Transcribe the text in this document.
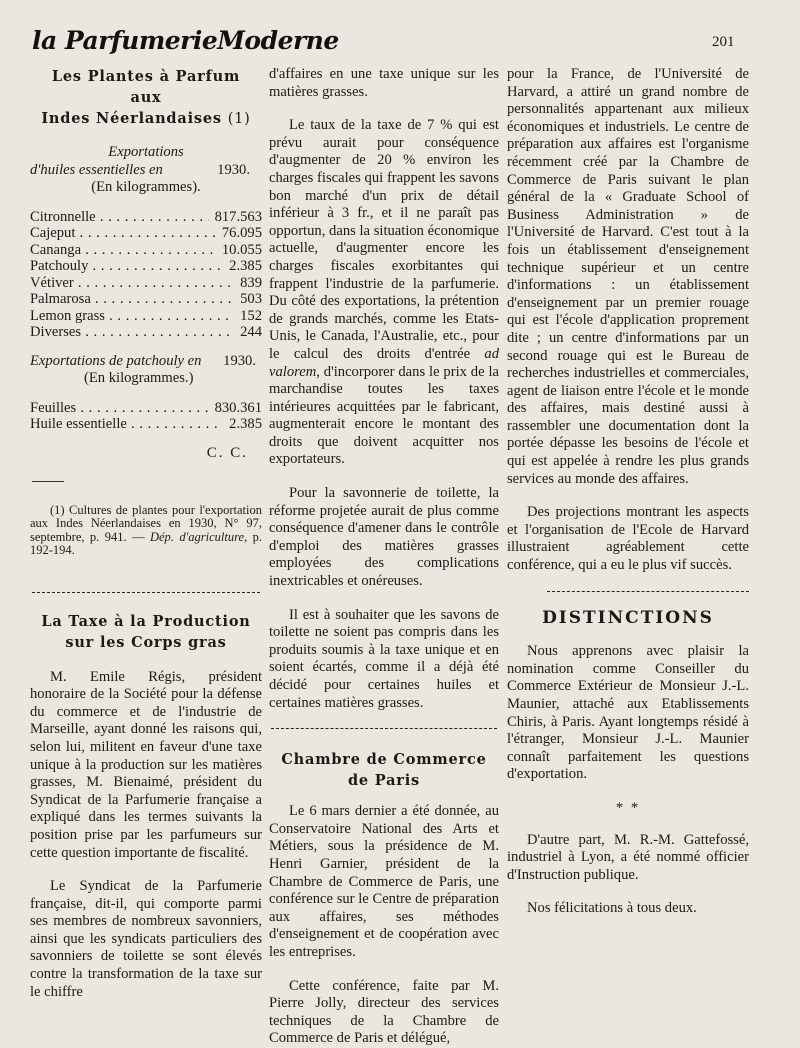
la ParfumerieModerne	201
Les Plantes à Parfum
aux
Indes Néerlandaises (1)
Exportations
d'huiles essentielles en	1930.
(En kilogrammes).
Citronnelle . . .	817.563
Cajeput . . .	76.095
Cananga . . .	10.055
Patchouly . . .	2.385
Vétiver . . .	839
Palmarosa . . .	503
Lemon grass . . .	152
Diverses . . .	244
Exportations de patchouly en 1930.
(En kilogrammes.)
Feuilles . . .	830.361
Huile essentielle . . .	2.385
C. C.

(1) Cultures de plantes pour l'exportation aux Indes Néerlandaises en 1930, N° 97, septembre, p. 941. — Dép. d'agriculture, p. 192-194.

La Taxe à la Production
sur les Corps gras

M. Emile Régis, président honoraire de la Société pour la défense du commerce et de l'industrie de Marseille, ayant donné les raisons qui, selon lui, militent en faveur d'une taxe unique à la production sur les matières grasses, M. Bienaimé, président du Syndicat de la Parfumerie française a expliqué dans les termes suivants la position prise par les parfumeurs sur cette question importante de fiscalité.

Le Syndicat de la Parfumerie française, dit-il, qui comporte parmi ses membres de nombreux savonniers, ainsi que les syndicats particuliers des savonniers de toilette se sont élevés contre la transformation de la taxe sur le chiffre

d'affaires en une taxe unique sur les matières grasses.

Le taux de la taxe de 7 % qui est prévu aurait pour conséquence d'augmenter de 20 % environ les charges fiscales qui frappent les savons bon marché d'un prix de détail inférieur à 3 fr., et il ne paraît pas opportun, dans la situation économique actuelle, d'augmenter encore les charges fiscales exorbitantes qui frappent l'industrie de la parfumerie. Du côté des exportations, la prétention de grands marchés, comme les Etats-Unis, le Canada, l'Australie, etc., pour le calcul des droits d'entrée ad valorem, d'incorporer dans le prix de la marchandise toutes les taxes intérieures acquittées par le fabricant, augmenterait encore le montant des droits que doivent acquitter nos exportateurs.

Pour la savonnerie de toilette, la réforme projetée aurait de plus comme conséquence d'amener dans le contrôle d'emploi des matières grasses employées des complications inextricables et onéreuses.

Il est à souhaiter que les savons de toilette ne soient pas compris dans les produits soumis à la taxe unique et en soient écartés, comme il a déjà été décidé pour certaines huiles et certaines matières grasses.

Chambre de Commerce
de Paris

Le 6 mars dernier a été donnée, au Conservatoire National des Arts et Métiers, sous la présidence de M. Henri Garnier, président de la Chambre de Commerce de Paris, une conférence sur le Centre de préparation aux affaires, ses méthodes d'enseignement et de coopération avec les entreprises.

Cette conférence, faite par M. Pierre Jolly, directeur des services techniques de la Chambre de Commerce de Paris et délégué,

pour la France, de l'Université de Harvard, a attiré un grand nombre de personnalités appartenant aux milieux économiques et industriels. Le centre de préparation aux affaires est l'organisme récemment créé par la Chambre de Commerce de Paris suivant le plan général de la « Graduate School of Business Administration » de l'Université de Harvard. C'est tout à la fois un établissement d'enseignement technique supérieur et un centre d'informations : un établissement d'enseignement par un premier rouage qui est l'école d'application proprement dite ; un centre d'informations par un second rouage qui est le Bureau de recherches industrielles et commerciales, agent de liaison entre l'école et le monde des affaires, mais destiné aussi à rassembler une documentation dont la portée dépasse les besoins de l'école et qui est appelée à rendre les plus grands services au monde des affaires.

Des projections montrant les aspects et l'organisation de l'Ecole de Harvard illustraient agréablement cette conférence, qui a eu le plus vif succès.

DISTINCTIONS

Nous apprenons avec plaisir la nomination comme Conseiller du Commerce Extérieur de Monsieur J.-L. Maunier, attaché aux Etablissements Chiris, à Paris. Ayant longtemps résidé à l'étranger, Monsieur J.-L. Maunier connaît parfaitement les questions d'exportation.

* *

D'autre part, M. R.-M. Gattefossé, industriel à Lyon, a été nommé officier d'Instruction publique.

Nos félicitations à tous deux.
